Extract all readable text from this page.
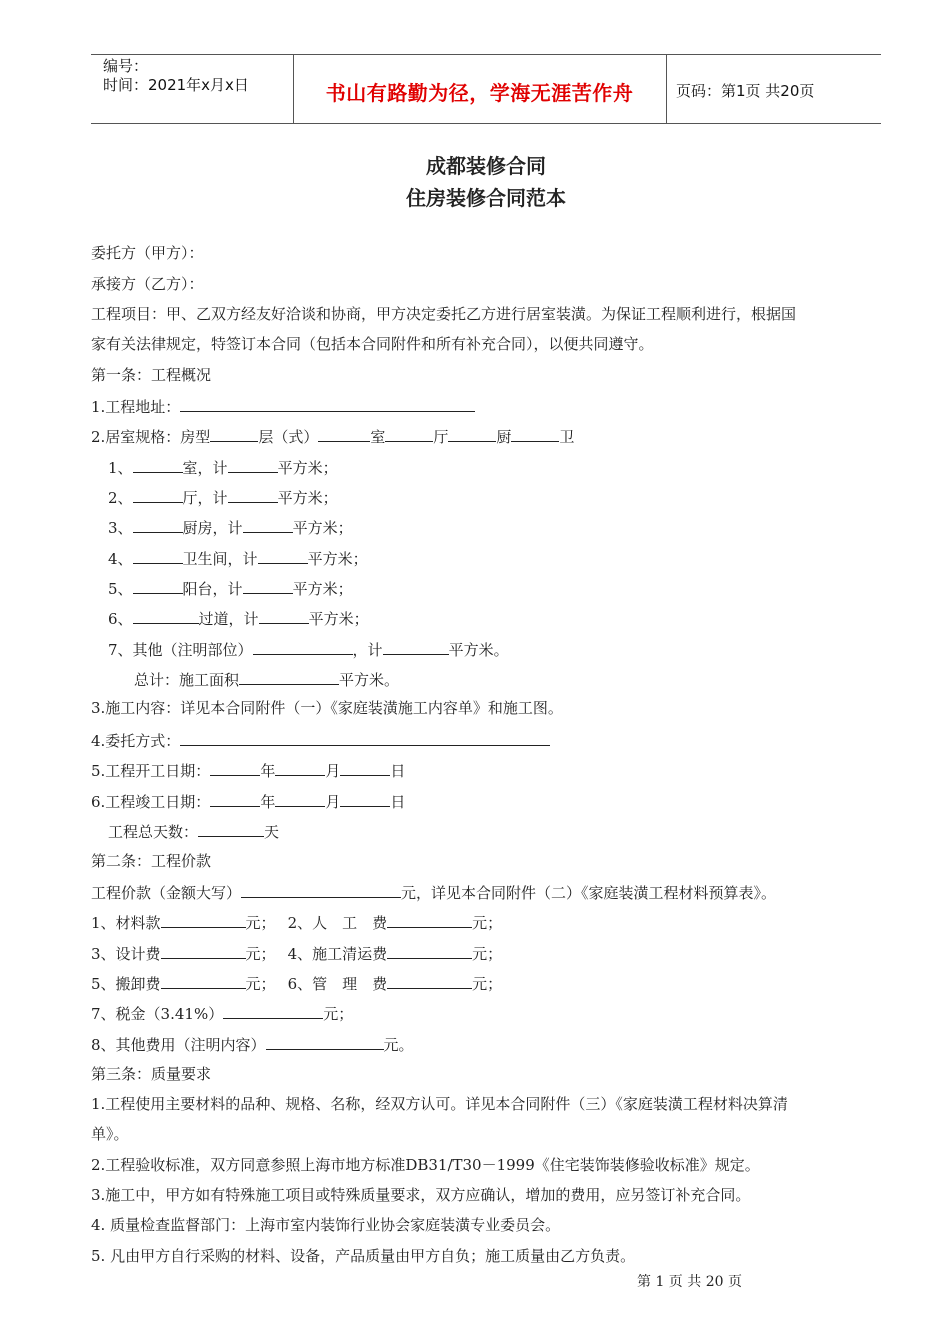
编号：
时间：2021年x月x日	书山有路勤为径，学海无涯苦作舟	页码：第1页 共20页
成都装修合同
住房装修合同范本
委托方（甲方）：
承接方（乙方）：
工程项目：甲、乙双方经友好洽谈和协商，甲方决定委托乙方进行居室装潢。为保证工程顺利进行，根据国
家有关法律规定，特签订本合同（包括本合同附件和所有补充合同），以便共同遵守。
第一条：工程概况
1.工程地址：
2.居室规格：房型	层（式）	室	厅	厨	卫
1、	室，计	平方米；
2、	厅，计	平方米；
3、	厨房，计	平方米；
4、	卫生间，计	平方米；
5、	阳台，计	平方米；
6、	过道，计	平方米；
7、其他（注明部位）	，计	平方米。
总计：施工面积	平方米。
3.施工内容：详见本合同附件（一）《家庭装潢施工内容单》和施工图。
4.委托方式：
5.工程开工日期：	年	月	日
6.工程竣工日期：	年	月	日
工程总天数：	天
第二条：工程价款
工程价款（金额大写）	元，详见本合同附件（二）《家庭装潢工程材料预算表》。
1、材料款	元； 2、人　工　费	元；
3、设计费	元； 4、施工清运费	元；
5、搬卸费	元； 6、管　理　费	元；
7、税金（3.41%）	元；
8、其他费用（注明内容）	元。
第三条：质量要求
1.工程使用主要材料的品种、规格、名称，经双方认可。详见本合同附件（三）《家庭装潢工程材料决算清
单》。
2.工程验收标准，双方同意参照上海市地方标准DB31/T30－1999《住宅装饰装修验收标准》规定。
3.施工中，甲方如有特殊施工项目或特殊质量要求，双方应确认，增加的费用，应另签订补充合同。
4. 质量检查监督部门：上海市室内装饰行业协会家庭装潢专业委员会。
5. 凡由甲方自行采购的材料、设备，产品质量由甲方自负；施工质量由乙方负责。
第 1 页 共 20 页
